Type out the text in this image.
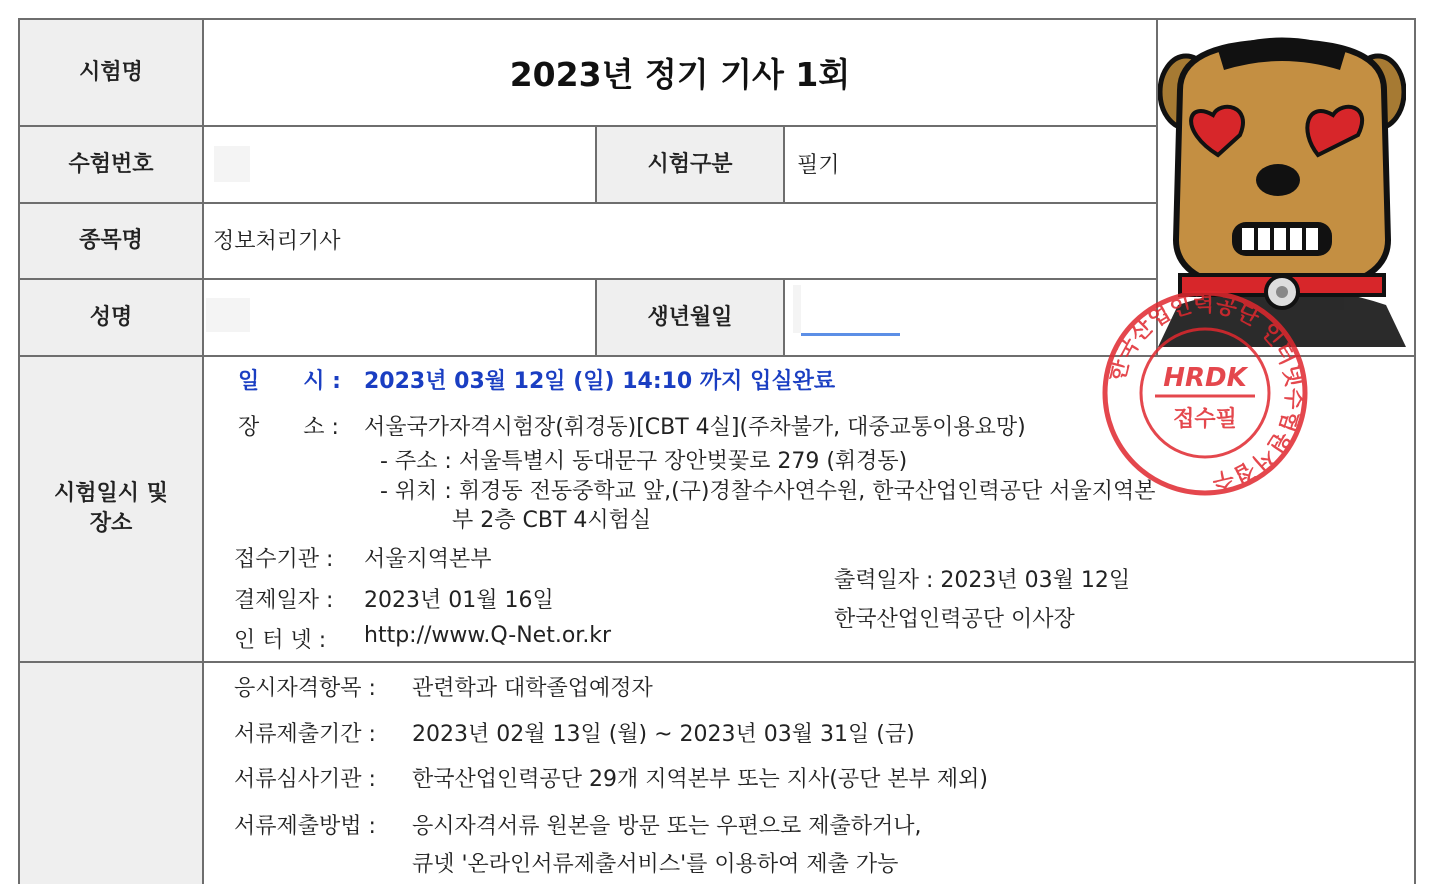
시험명
수험번호	시험구분
종목명
성명	생년월일
시험일시 및 장소
2023년 정기 기사 1회
필기
정보처리기사
일　　시 : 2023년 03월 12일 (일) 14:10 까지 입실완료
장　　소 : 서울국가자격시험장(휘경동)[CBT 4실](주차불가, 대중교통이용요망)
- 주소 : 서울특별시 동대문구 장안벚꽃로 279 (휘경동)
- 위치 : 휘경동 전동중학교 앞,(구)경찰수사연수원, 한국산업인력공단 서울지역본
부 2층 CBT 4시험실
접수기관 : 서울지역본부
결제일자 : 2023년 01월 16일
인 터 넷 : http://www.Q-Net.or.kr
출력일자 : 2023년 03월 12일
한국산업인력공단 이사장
한국산업인력공단 인터넷수험원서접수
HRDK
접수필
응시자격항목 : 관련학과 대학졸업예정자
서류제출기간 : 2023년 02월 13일 (월) ~ 2023년 03월 31일 (금)
서류심사기관 : 한국산업인력공단 29개 지역본부 또는 지사(공단 본부 제외)
서류제출방법 : 응시자격서류 원본을 방문 또는 우편으로 제출하거나,
큐넷 '온라인서류제출서비스'를 이용하여 제출 가능
